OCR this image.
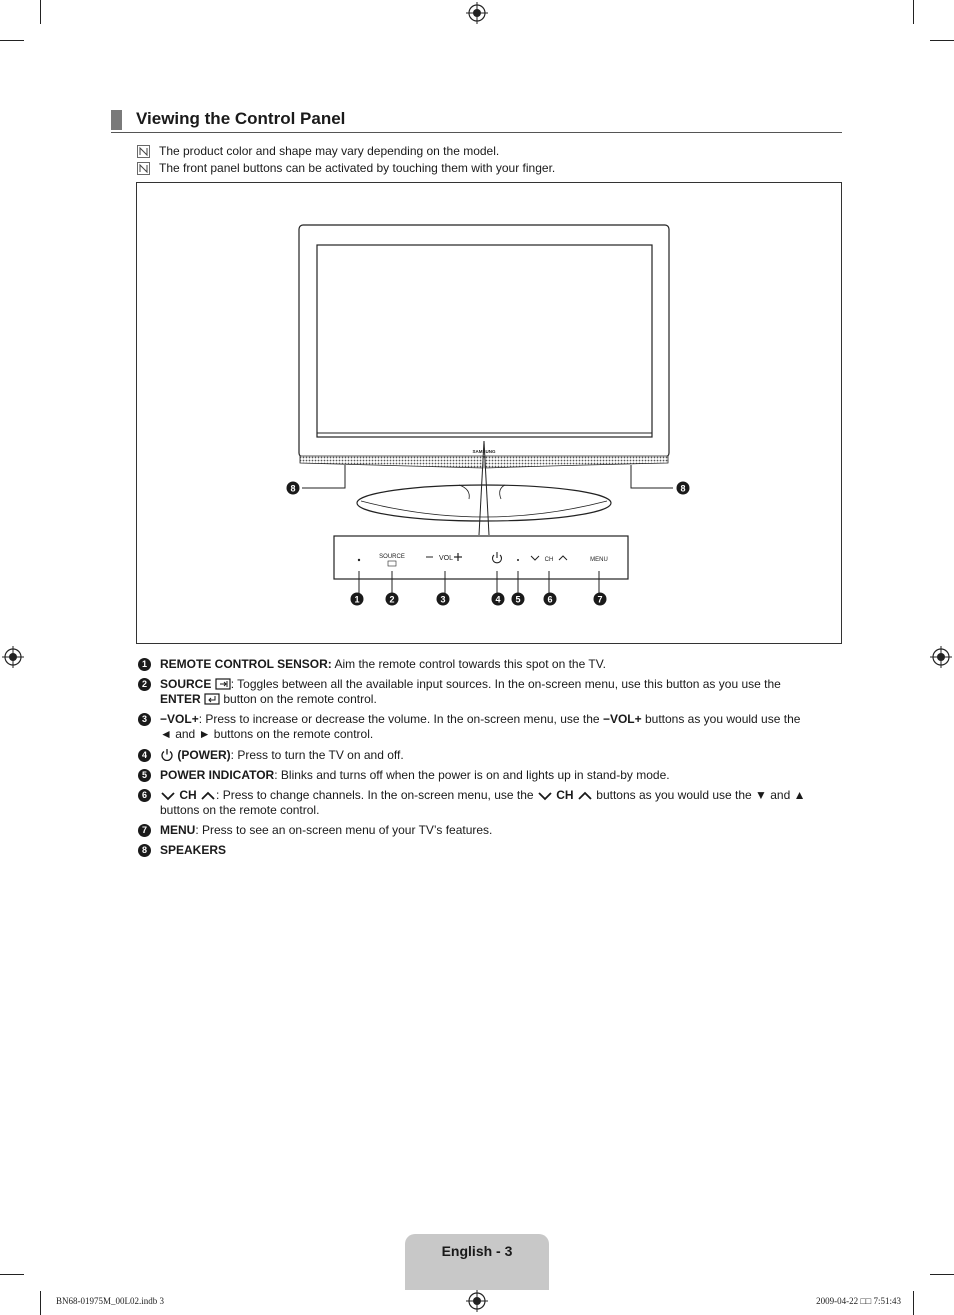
Viewing the Control Panel
The product color and shape may vary depending on the model.
The front panel buttons can be activated by touching them with your finger.
SAMSUNG
SOURCE	VOL	CH	MENU
1	2	3	4 5	6	7
8	8
1	REMOTE CONTROL SENSOR: Aim the remote control towards this spot on the TV.
2	SOURCE : Toggles between all the available input sources. In the on-screen menu, use this button as you use the
ENTER  button on the remote control.
3	−VOL+: Press to increase or decrease the volume. In the on-screen menu, use the −VOL+ buttons as you would use the
◄ and ► buttons on the remote control.
4	(POWER): Press to turn the TV on and off.
5	POWER INDICATOR: Blinks and turns off when the power is on and lights up in stand-by mode.
6	CH : Press to change channels. In the on-screen menu, use the CH  buttons as you would use the ▼ and ▲
buttons on the remote control.
7	MENU: Press to see an on-screen menu of your TV’s features.
8	SPEAKERS
English - 3
BN68-01975M_00L02.indb 3	2009-04-22 □□ 7:51:43
